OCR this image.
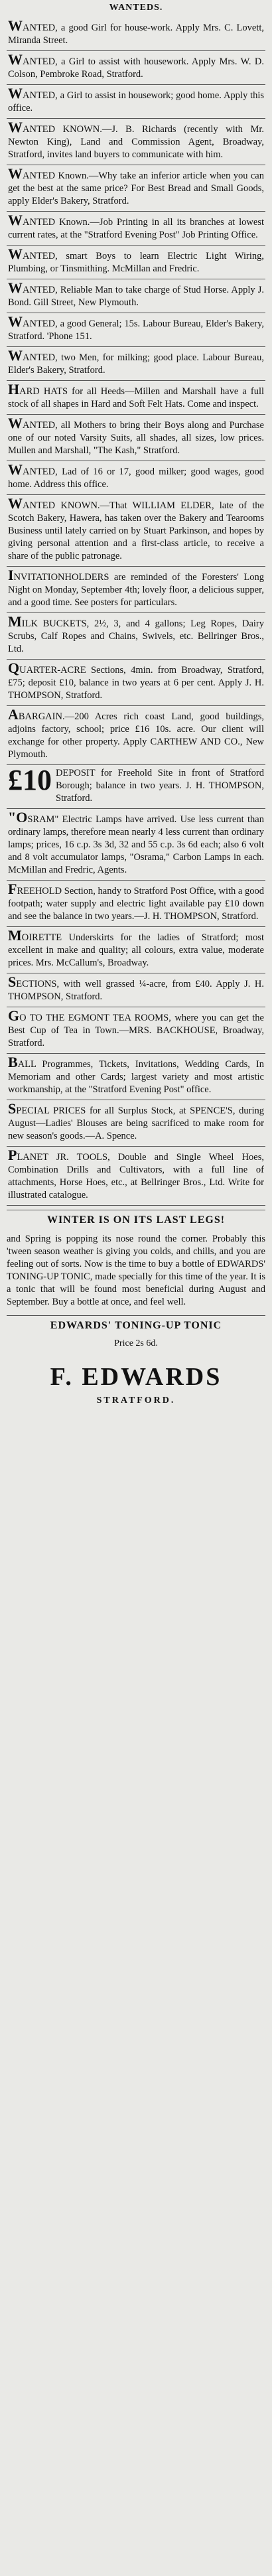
WANTEDS.

WANTED, a good Girl for house-work. Apply Mrs. C. Lovett, Miranda Street.

WANTED, a Girl to assist with housework. Apply Mrs. W. D. Colson, Pembroke Road, Stratford.

WANTED, a Girl to assist in housework; good home. Apply this office.

WANTED KNOWN.—J. B. Richards (recently with Mr. Newton King), Land and Commission Agent, Broadway, Stratford, invites land buyers to communicate with him.

WANTED Known.—Why take an inferior article when you can get the best at the same price? For Best Bread and Small Goods, apply Elder's Bakery, Stratford.

WANTED Known.—Job Printing in all its branches at lowest current rates, at the "Stratford Evening Post" Job Printing Office.

WANTED, smart Boys to learn Electric Light Wiring, Plumbing, or Tinsmithing. McMillan and Fredric.

WANTED, Reliable Man to take charge of Stud Horse. Apply J. Bond. Gill Street, New Plymouth.

WANTED, a good General; 15s. Labour Bureau, Elder's Bakery, Stratford. 'Phone 151.

WANTED, two Men, for milking; good place. Labour Bureau, Elder's Bakery, Stratford.

HARD HATS for all Heeds—Millen and Marshall have a full stock of all shapes in Hard and Soft Felt Hats. Come and inspect.

WANTED, all Mothers to bring their Boys along and Purchase one of our noted Varsity Suits, all shades, all sizes, low prices. Mullen and Marshall, "The Kash," Stratford.

WANTED, Lad of 16 or 17, good milker; good wages, good home. Address this office.

WANTED KNOWN.—That WILLIAM ELDER, late of the Scotch Bakery, Hawera, has taken over the Bakery and Tearooms Business until lately carried on by Stuart Parkinson, and hopes by giving personal attention and a first-class article, to receive a share of the public patronage.

INVITATIONHOLDERS are reminded of the Foresters' Long Night on Monday, September 4th; lovely floor, a delicious supper, and a good time. See posters for particulars.

MILK BUCKETS, 2½, 3, and 4 gallons; Leg Ropes, Dairy Scrubs, Calf Ropes and Chains, Swivels, etc. Bellringer Bros., Ltd.

QUARTER-ACRE Sections, 4min. from Broadway, Stratford, £75; deposit £10, balance in two years at 6 per cent. Apply J. H. THOMPSON, Stratford.

ABARGAIN.—200 Acres rich coast Land, good buildings, adjoins factory, school; price £16 10s. acre. Our client will exchange for other property. Apply CARTHEW AND CO., New Plymouth.

£10 DEPOSIT for Freehold Site in front of Stratford Borough; balance in two years. J. H. THOMPSON, Stratford.

"OSRAM" Electric Lamps have arrived. Use less current than ordinary lamps, therefore mean nearly 4 less current than ordinary lamps; prices, 16 c.p. 3s 3d, 32 and 55 c.p. 3s 6d each; also 6 volt and 8 volt accumulator lamps, "Osrama," Carbon Lamps in each. McMillan and Fredric, Agents.

FREEHOLD Section, handy to Stratford Post Office, with a good footpath; water supply and electric light available pay £10 down and see the balance in two years.—J. H. THOMPSON, Stratford.

MOIRETTE Underskirts for the ladies of Stratford; most excellent in make and quality; all colours, extra value, moderate prices. Mrs. McCallum's, Broadway.

SECTIONS, with well grassed ¼-acre, from £40. Apply J. H. THOMPSON, Stratford.

GO TO THE EGMONT TEA ROOMS, where you can get the Best Cup of Tea in Town.—MRS. BACKHOUSE, Broadway, Stratford.

BALL Programmes, Tickets, Invitations, Wedding Cards, In Memoriam and other Cards; largest variety and most artistic workmanship, at the "Stratford Evening Post" office.

SPECIAL PRICES for all Surplus Stock, at SPENCE'S, during August—Ladies' Blouses are being sacrificed to make room for new season's goods.—A. Spence.

PLANET JR. TOOLS, Double and Single Wheel Hoes, Combination Drills and Cultivators, with a full line of attachments, Horse Hoes, etc., at Bellringer Bros., Ltd. Write for illustrated catalogue.

WINTER IS ON ITS LAST LEGS!

and Spring is popping its nose round the corner. Probably this 'tween season weather is giving you colds, and chills, and you are feeling out of sorts. Now is the time to buy a bottle of EDWARDS' TONING-UP TONIC, made specially for this time of the year. It is a tonic that will be found most beneficial during August and September. Buy a bottle at once, and feel well.

EDWARDS' TONING-UP TONIC
Price 2s 6d.
F. EDWARDS
STRATFORD.
